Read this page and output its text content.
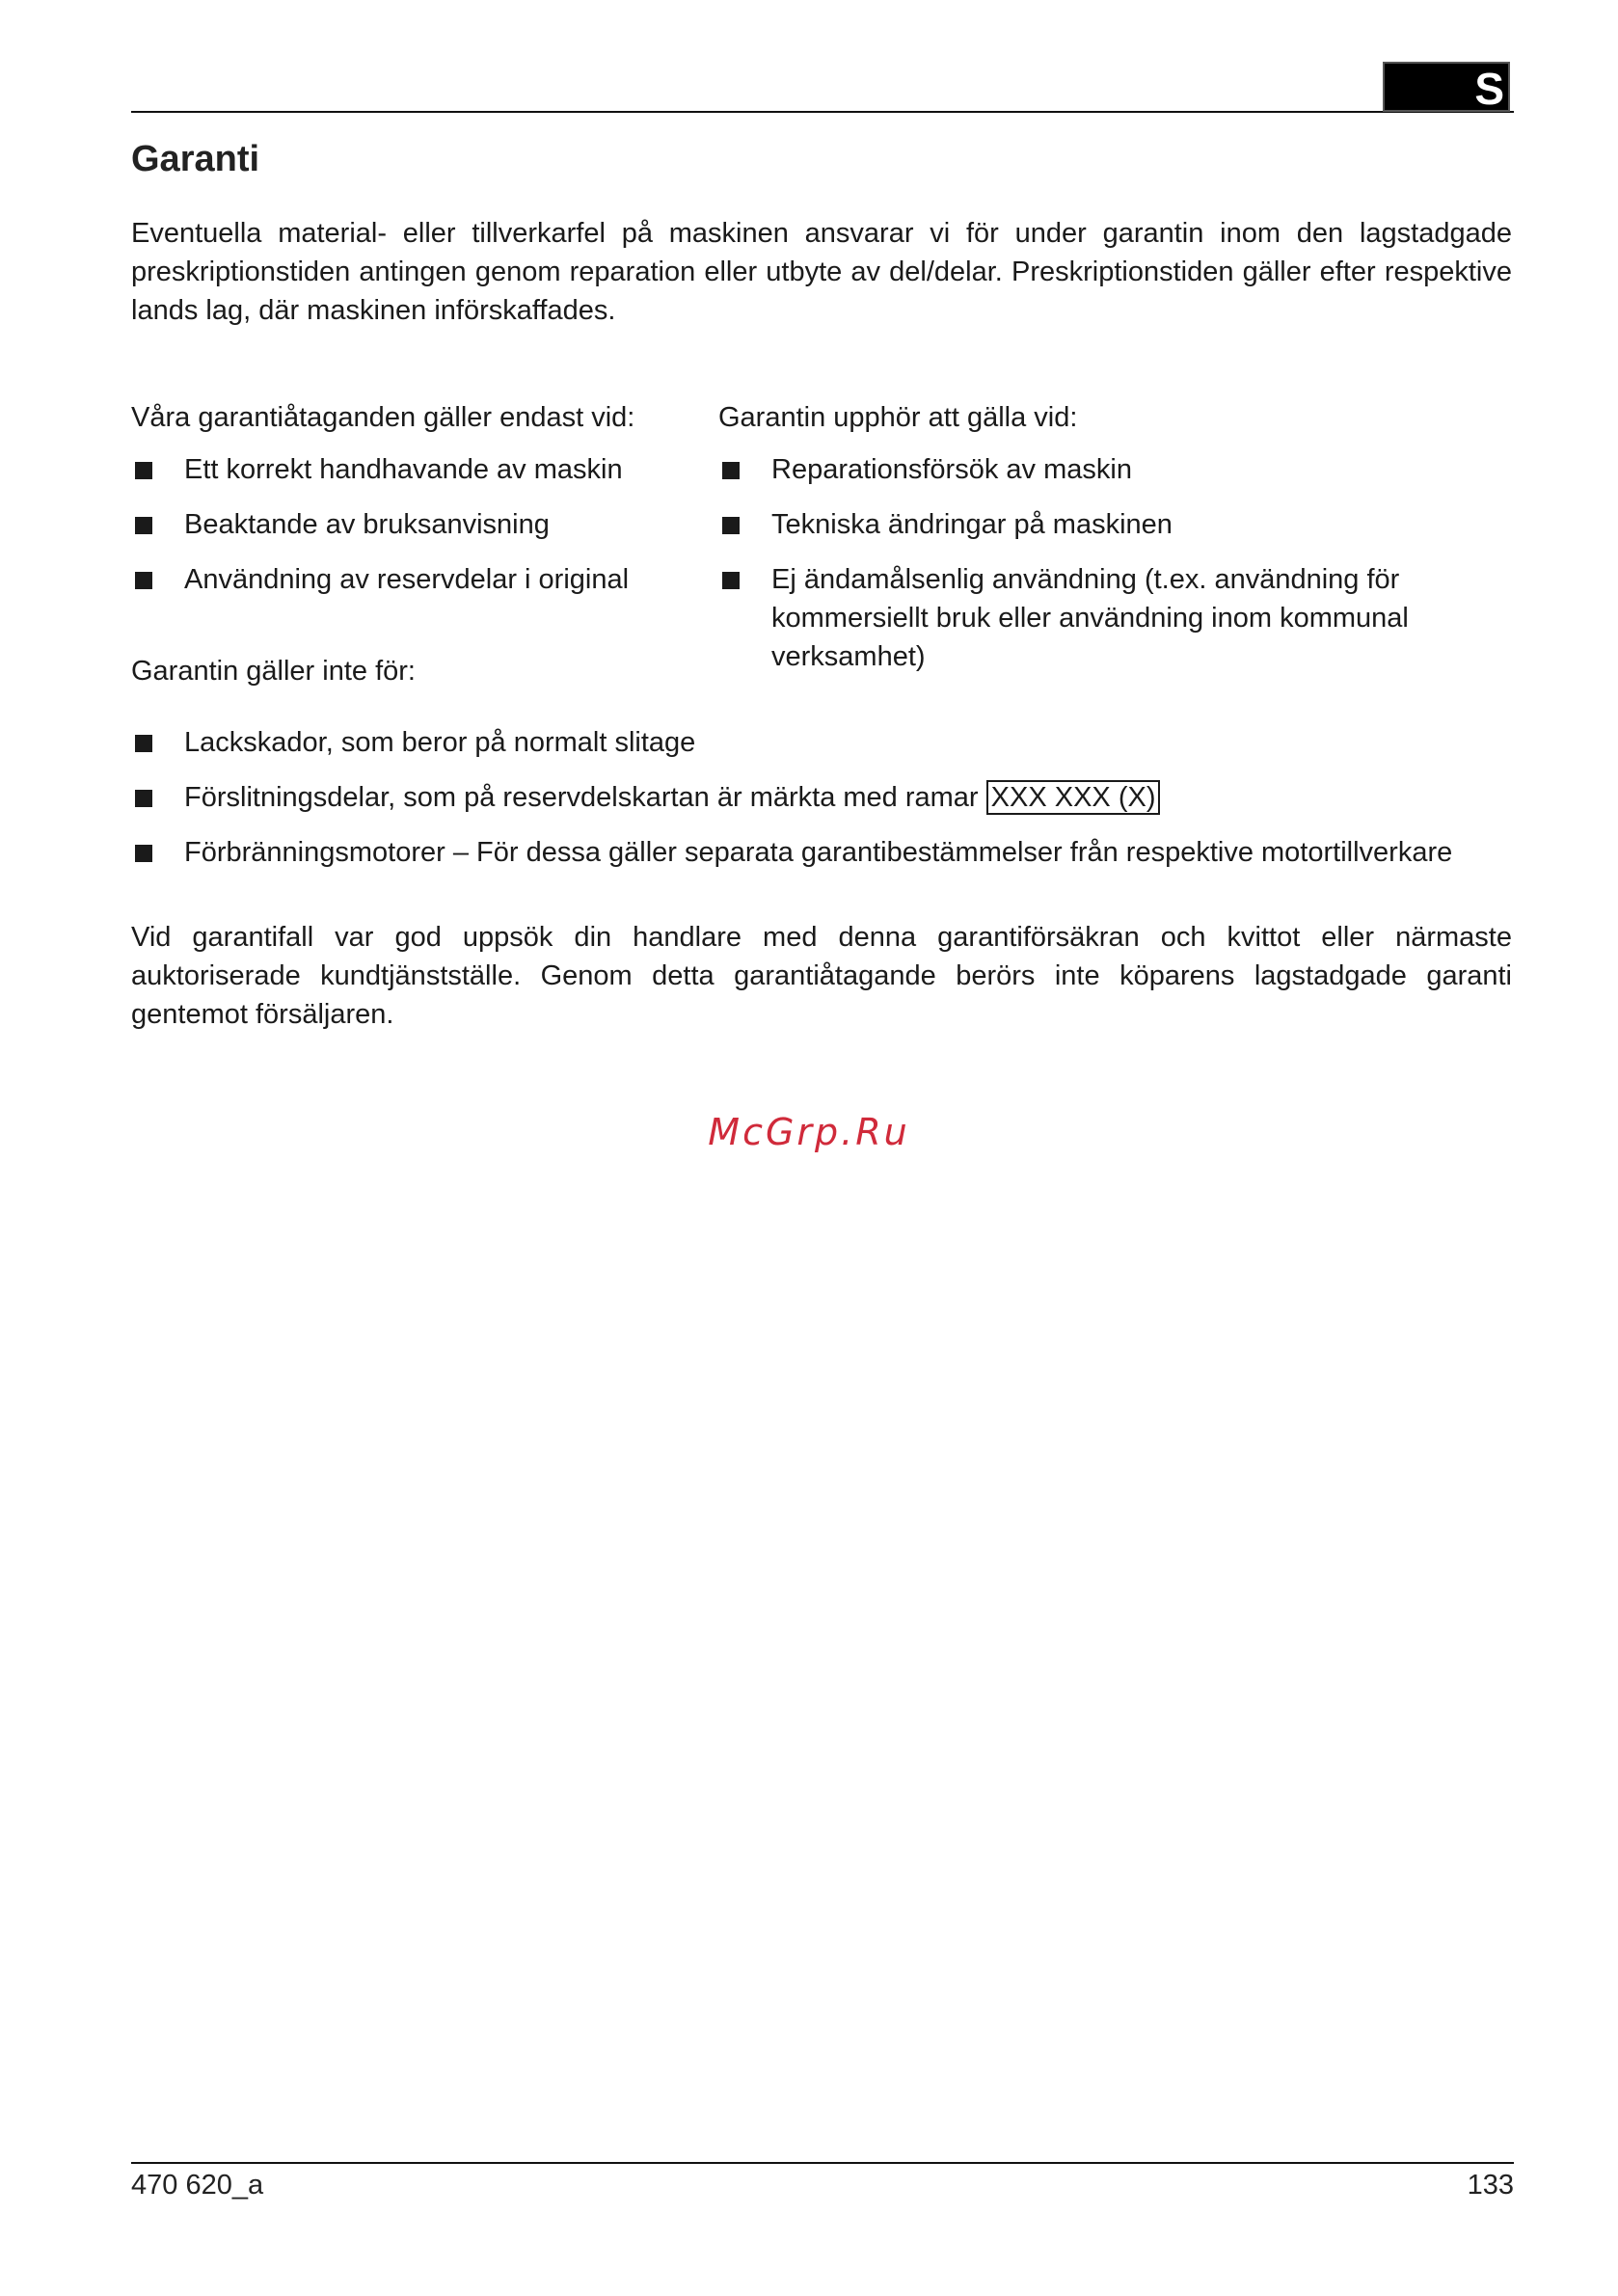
S
Garanti
Eventuella material- eller tillverkarfel på maskinen ansvarar vi för under garantin inom den lagstadgade preskriptionstiden antingen genom reparation eller utbyte av del/delar. Preskriptionstiden gäller efter respektive lands lag, där maskinen införskaffades.
Våra garantiåtaganden gäller endast vid:
Ett korrekt handhavande av maskin
Beaktande av bruksanvisning
Användning av reservdelar i original
Garantin upphör att gälla vid:
Reparationsförsök av maskin
Tekniska ändringar på maskinen
Ej ändamålsenlig användning (t.ex. användning för kommersiellt bruk eller användning inom kommunal verksamhet)
Garantin gäller inte för:
Lackskador, som beror på normalt slitage
Förslitningsdelar, som på reservdelskartan är märkta med ramar XXX XXX (X)
Förbränningsmotorer – För dessa gäller separata garantibestämmelser från respektive motortillverkare
Vid garantifall var god uppsök din handlare med denna garantiförsäkran och kvittot eller närmaste auktoriserade kundtjänstställe. Genom detta garantiåtagande berörs inte köparens lagstadgade garanti gentemot försäljaren.
McGrp.Ru
470 620_a	133
